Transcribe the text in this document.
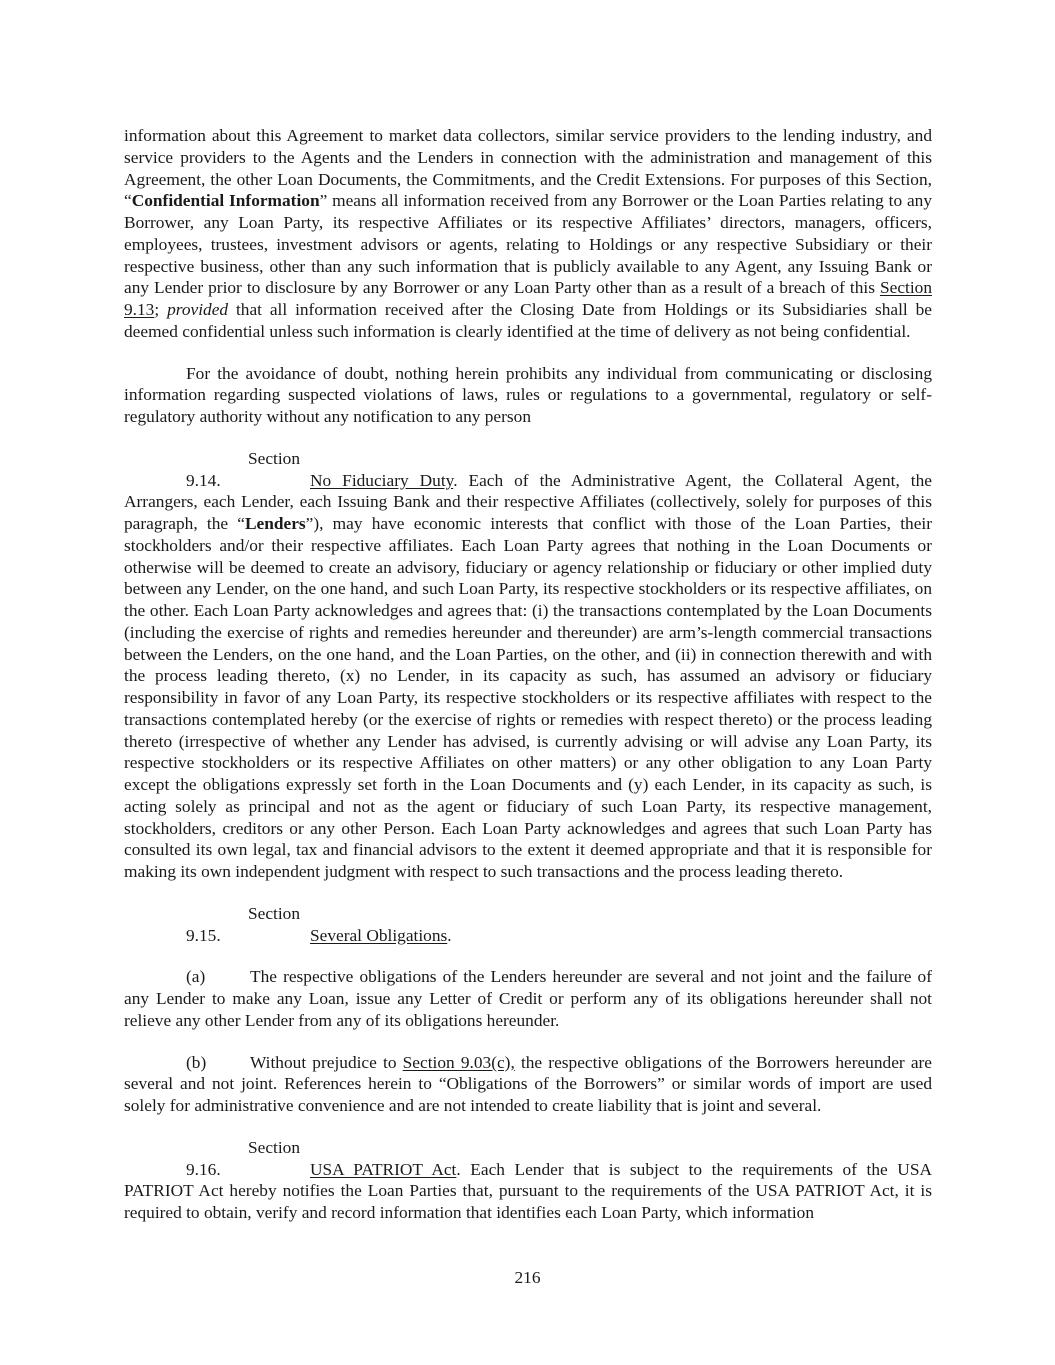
information about this Agreement to market data collectors, similar service providers to the lending industry, and service providers to the Agents and the Lenders in connection with the administration and management of this Agreement, the other Loan Documents, the Commitments, and the Credit Extensions. For purposes of this Section, “Confidential Information” means all information received from any Borrower or the Loan Parties relating to any Borrower, any Loan Party, its respective Affiliates or its respective Affiliates’ directors, managers, officers, employees, trustees, investment advisors or agents, relating to Holdings or any respective Subsidiary or their respective business, other than any such information that is publicly available to any Agent, any Issuing Bank or any Lender prior to disclosure by any Borrower or any Loan Party other than as a result of a breach of this Section 9.13; provided that all information received after the Closing Date from Holdings or its Subsidiaries shall be deemed confidential unless such information is clearly identified at the time of delivery as not being confidential.

For the avoidance of doubt, nothing herein prohibits any individual from communicating or disclosing information regarding suspected violations of laws, rules or regulations to a governmental, regulatory or self-regulatory authority without any notification to any person

Section 9.14.	No Fiduciary Duty. Each of the Administrative Agent, the Collateral Agent, the Arrangers, each Lender, each Issuing Bank and their respective Affiliates (collectively, solely for purposes of this paragraph, the “Lenders”), may have economic interests that conflict with those of the Loan Parties, their stockholders and/or their respective affiliates. Each Loan Party agrees that nothing in the Loan Documents or otherwise will be deemed to create an advisory, fiduciary or agency relationship or fiduciary or other implied duty between any Lender, on the one hand, and such Loan Party, its respective stockholders or its respective affiliates, on the other. Each Loan Party acknowledges and agrees that: (i) the transactions contemplated by the Loan Documents (including the exercise of rights and remedies hereunder and thereunder) are arm’s-length commercial transactions between the Lenders, on the one hand, and the Loan Parties, on the other, and (ii) in connection therewith and with the process leading thereto, (x) no Lender, in its capacity as such, has assumed an advisory or fiduciary responsibility in favor of any Loan Party, its respective stockholders or its respective affiliates with respect to the transactions contemplated hereby (or the exercise of rights or remedies with respect thereto) or the process leading thereto (irrespective of whether any Lender has advised, is currently advising or will advise any Loan Party, its respective stockholders or its respective Affiliates on other matters) or any other obligation to any Loan Party except the obligations expressly set forth in the Loan Documents and (y) each Lender, in its capacity as such, is acting solely as principal and not as the agent or fiduciary of such Loan Party, its respective management, stockholders, creditors or any other Person. Each Loan Party acknowledges and agrees that such Loan Party has consulted its own legal, tax and financial advisors to the extent it deemed appropriate and that it is responsible for making its own independent judgment with respect to such transactions and the process leading thereto.

Section 9.15.	Several Obligations.

(a)	The respective obligations of the Lenders hereunder are several and not joint and the failure of any Lender to make any Loan, issue any Letter of Credit or perform any of its obligations hereunder shall not relieve any other Lender from any of its obligations hereunder.

(b)	Without prejudice to Section 9.03(c), the respective obligations of the Borrowers hereunder are several and not joint. References herein to “Obligations of the Borrowers” or similar words of import are used solely for administrative convenience and are not intended to create liability that is joint and several.

Section 9.16.	USA PATRIOT Act. Each Lender that is subject to the requirements of the USA PATRIOT Act hereby notifies the Loan Parties that, pursuant to the requirements of the USA PATRIOT Act, it is required to obtain, verify and record information that identifies each Loan Party, which information

216
